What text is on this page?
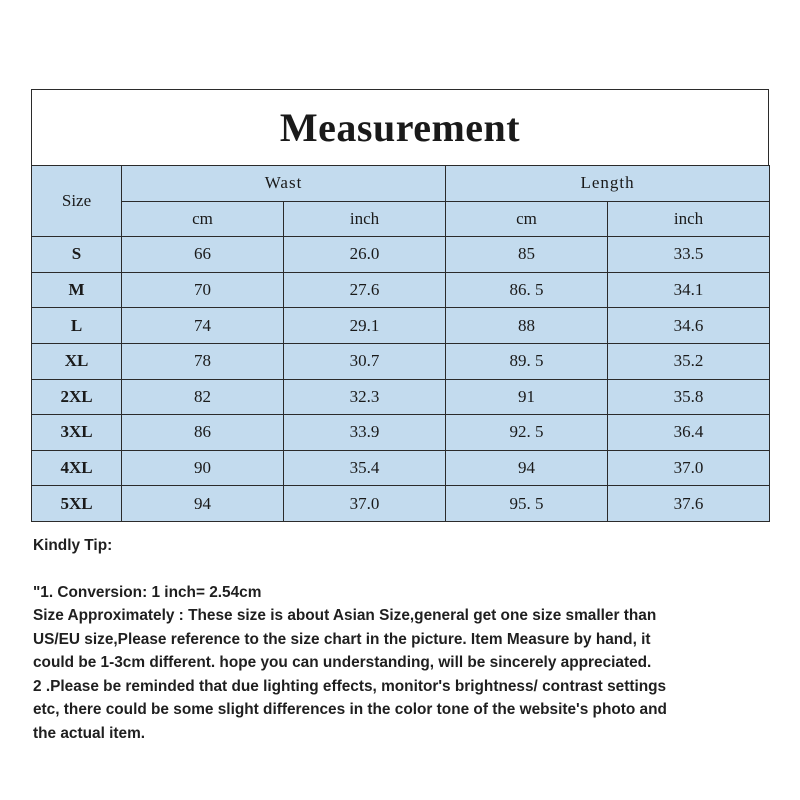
Measurement
Size	Wast		Length	
	cm	inch	cm	inch
S	66	26.0	85	33.5
M	70	27.6	86. 5	34.1
L	74	29.1	88	34.6
XL	78	30.7	89. 5	35.2
2XL	82	32.3	91	35.8
3XL	86	33.9	92. 5	36.4
4XL	90	35.4	94	37.0
5XL	94	37.0	95. 5	37.6

Kindly Tip:

"1. Conversion: 1 inch= 2.54cm

Size Approximately : These size is about Asian Size,general get one size smaller than

US/EU size,Please reference to the size chart in the picture. Item Measure by hand, it

could be 1-3cm different. hope you can understanding, will be sincerely appreciated.

2 .Please be reminded that due lighting effects, monitor's brightness/ contrast settings

etc, there could be some slight differences in the color tone of the website's photo and

the actual item.
